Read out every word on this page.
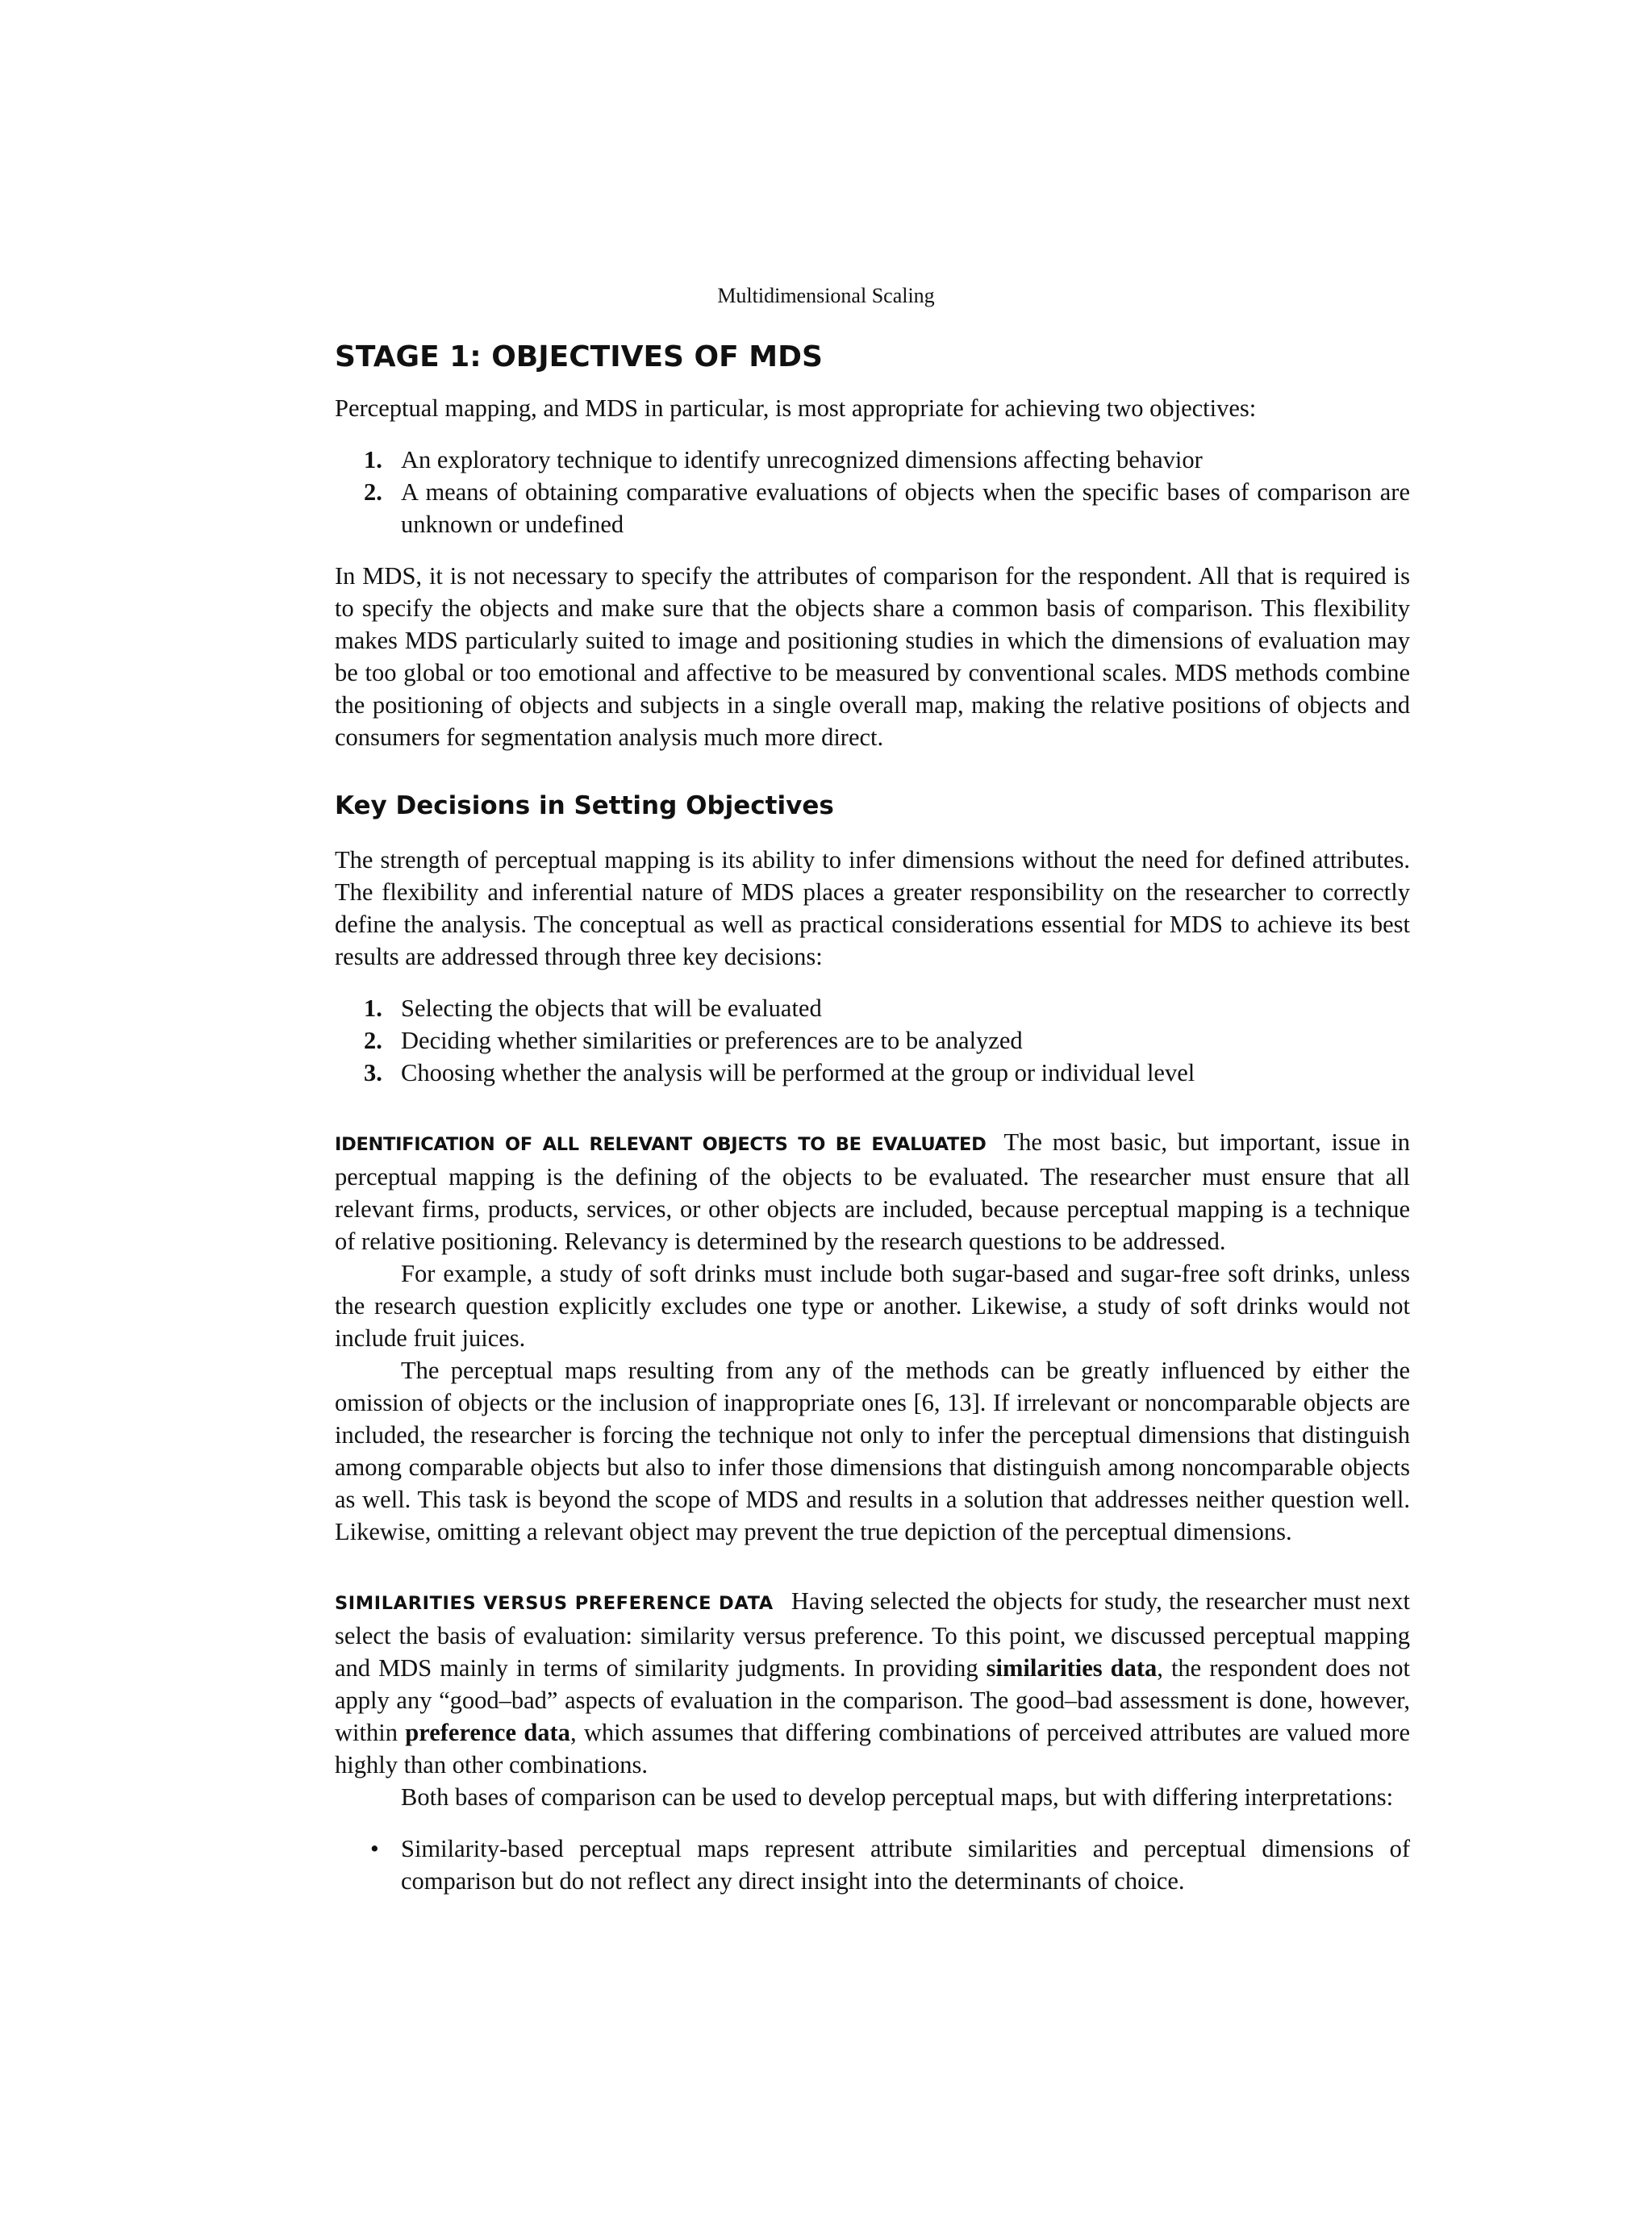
Multidimensional Scaling
STAGE 1: OBJECTIVES OF MDS

Perceptual mapping, and MDS in particular, is most appropriate for achieving two objectives:

1. An exploratory technique to identify unrecognized dimensions affecting behavior
2. A means of obtaining comparative evaluations of objects when the specific bases of comparison are unknown or undefined

In MDS, it is not necessary to specify the attributes of comparison for the respondent. All that is required is to specify the objects and make sure that the objects share a common basis of comparison. This flexibility makes MDS particularly suited to image and positioning studies in which the dimensions of evaluation may be too global or too emotional and affective to be measured by conventional scales. MDS methods combine the positioning of objects and subjects in a single overall map, making the relative positions of objects and consumers for segmentation analysis much more direct.

Key Decisions in Setting Objectives

The strength of perceptual mapping is its ability to infer dimensions without the need for defined attributes. The flexibility and inferential nature of MDS places a greater responsibility on the researcher to correctly define the analysis. The conceptual as well as practical considerations essential for MDS to achieve its best results are addressed through three key decisions:

1. Selecting the objects that will be evaluated
2. Deciding whether similarities or preferences are to be analyzed
3. Choosing whether the analysis will be performed at the group or individual level

IDENTIFICATION OF ALL RELEVANT OBJECTS TO BE EVALUATED The most basic, but important, issue in perceptual mapping is the defining of the objects to be evaluated. The researcher must ensure that all relevant firms, products, services, or other objects are included, because perceptual mapping is a technique of relative positioning. Relevancy is determined by the research questions to be addressed.

For example, a study of soft drinks must include both sugar-based and sugar-free soft drinks, unless the research question explicitly excludes one type or another. Likewise, a study of soft drinks would not include fruit juices.

The perceptual maps resulting from any of the methods can be greatly influenced by either the omission of objects or the inclusion of inappropriate ones [6, 13]. If irrelevant or noncomparable objects are included, the researcher is forcing the technique not only to infer the perceptual dimensions that distinguish among comparable objects but also to infer those dimensions that distinguish among noncomparable objects as well. This task is beyond the scope of MDS and results in a solution that addresses neither question well. Likewise, omitting a relevant object may prevent the true depiction of the perceptual dimensions.

SIMILARITIES VERSUS PREFERENCE DATA Having selected the objects for study, the researcher must next select the basis of evaluation: similarity versus preference. To this point, we discussed perceptual mapping and MDS mainly in terms of similarity judgments. In providing similarities data, the respondent does not apply any “good–bad” aspects of evaluation in the comparison. The good–bad assessment is done, however, within preference data, which assumes that differing combinations of perceived attributes are valued more highly than other combinations.

Both bases of comparison can be used to develop perceptual maps, but with differing interpretations:

• Similarity-based perceptual maps represent attribute similarities and perceptual dimensions of comparison but do not reflect any direct insight into the determinants of choice.
